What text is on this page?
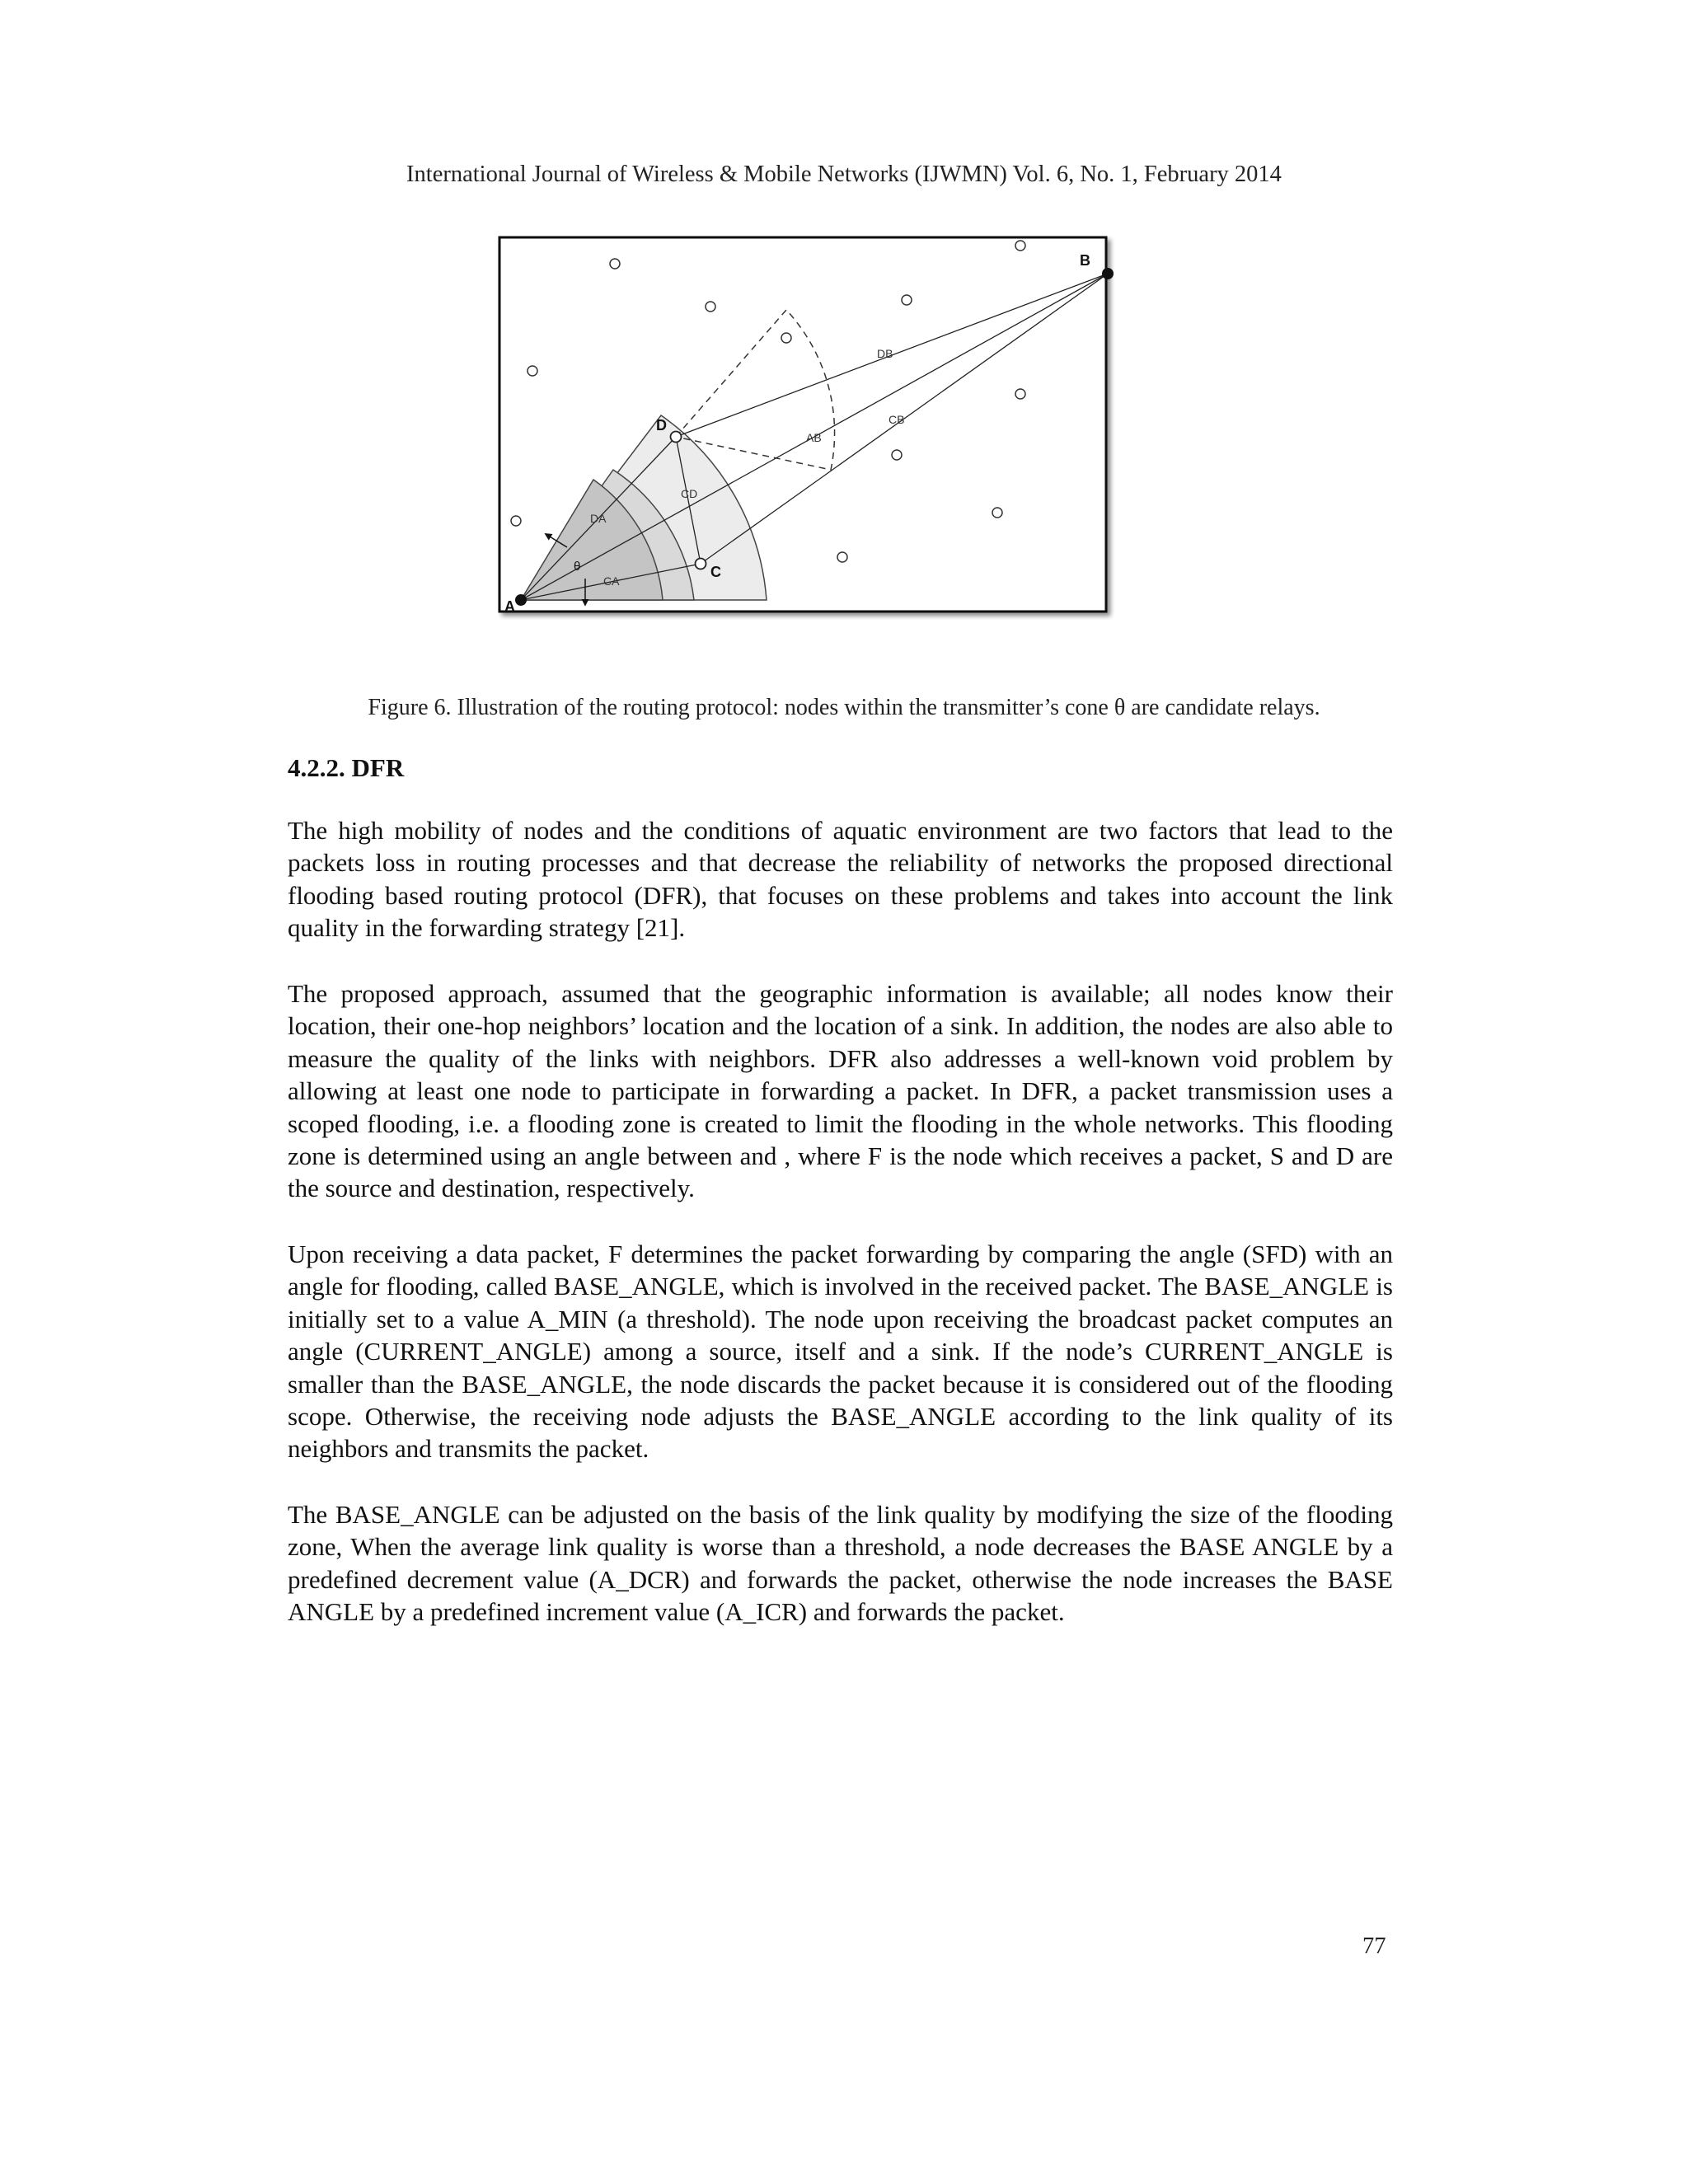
International Journal of Wireless & Mobile Networks (IJWMN) Vol. 6, No. 1, February 2014
A
B
C
D
DA
CA
CD
DB
CB
AB
θ
Figure 6. Illustration of the routing protocol: nodes within the transmitter’s cone θ are candidate relays.
4.2.2. DFR

The high mobility of nodes and the conditions of aquatic environment are two factors that lead to the packets loss in routing processes and that decrease the reliability of networks the proposed directional flooding based routing protocol (DFR), that focuses on these problems and takes into account the link quality in the forwarding strategy [21].

The proposed approach, assumed that the geographic information is available; all nodes know their location, their one-hop neighbors’ location and the location of a sink. In addition, the nodes are also able to measure the quality of the links with neighbors. DFR also addresses a well-known void problem by allowing at least one node to participate in forwarding a packet. In DFR, a packet transmission uses a scoped flooding, i.e. a flooding zone is created to limit the flooding in the whole networks. This flooding zone is determined using an angle between and , where F is the node which receives a packet, S and D are the source and destination, respectively.

Upon receiving a data packet, F determines the packet forwarding by comparing the angle (SFD) with an angle for flooding, called BASE_ANGLE, which is involved in the received packet. The BASE_ANGLE is initially set to a value A_MIN (a threshold). The node upon receiving the broadcast packet computes an angle (CURRENT_ANGLE) among a source, itself and a sink. If the node’s CURRENT_ANGLE is smaller than the BASE_ANGLE, the node discards the packet because it is considered out of the flooding scope. Otherwise, the receiving node adjusts the BASE_ANGLE according to the link quality of its neighbors and transmits the packet.

The BASE_ANGLE can be adjusted on the basis of the link quality by modifying the size of the flooding zone, When the average link quality is worse than a threshold, a node decreases the BASE ANGLE by a predefined decrement value (A_DCR) and forwards the packet, otherwise the node increases the BASE ANGLE by a predefined increment value (A_ICR) and forwards the packet.

77
